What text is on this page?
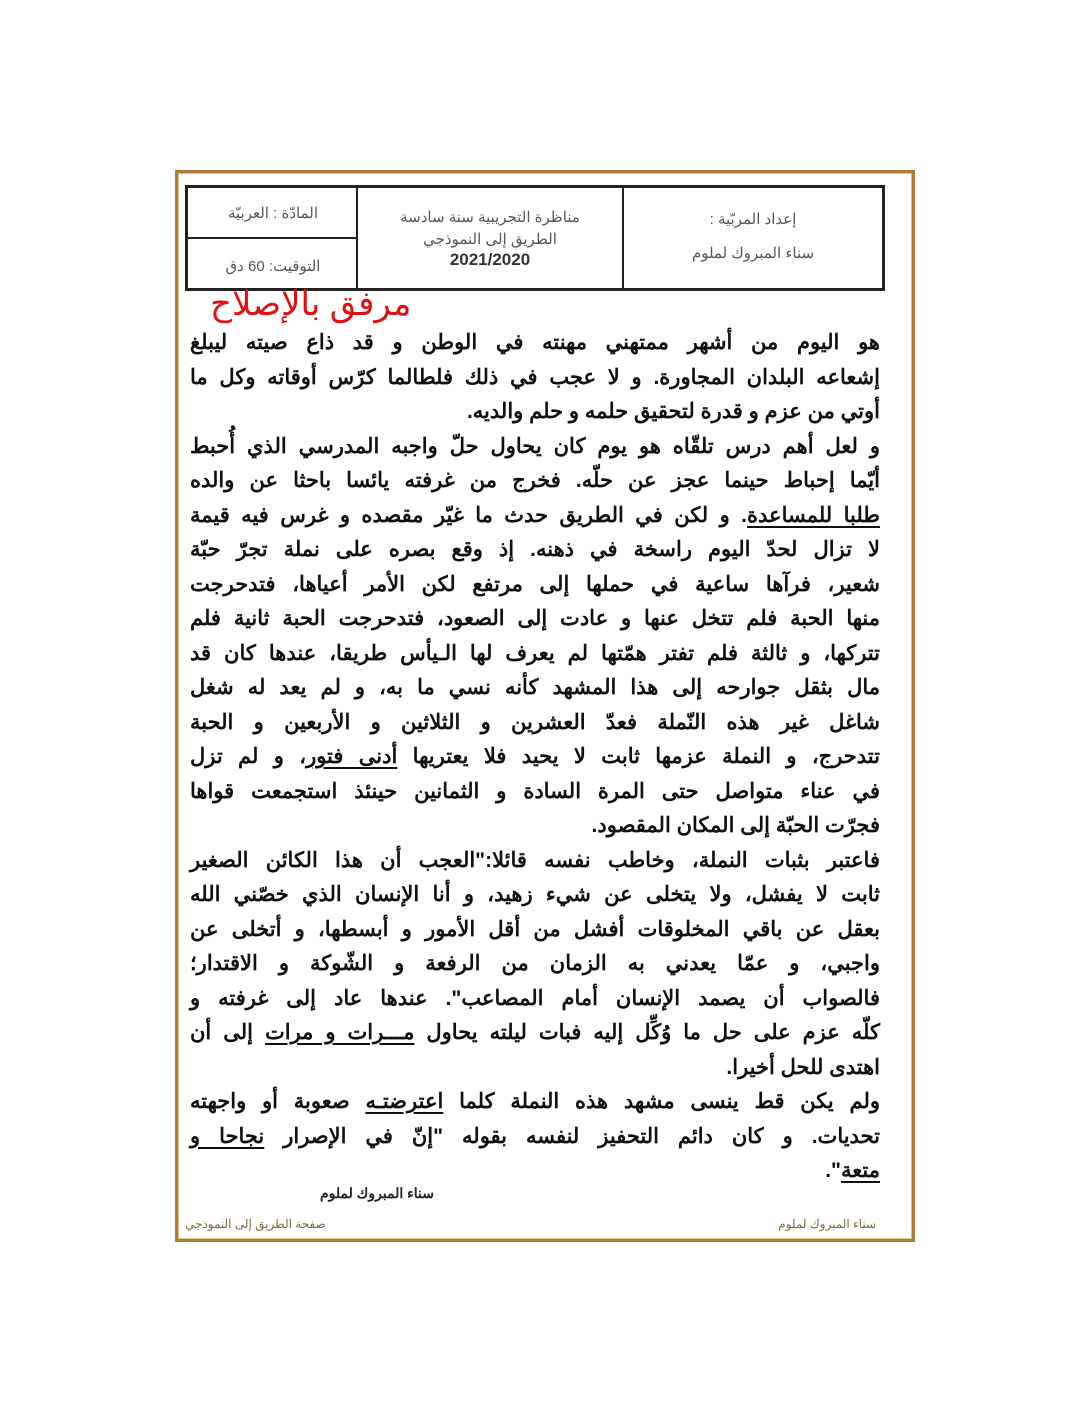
إعداد المربّية :
سناء المبروك لملوم
مناظرة التجريبية سنة سادسة
الطريق إلى النموذجي
2021/2020
المادّة : العربيّة
التوقيت: 60 دق
مرفق بالإصلاح
هو اليوم من أشهر ممتهني مهنته في الوطن و قد ذاع صيته ليبلغ
إشعاعه البلدان المجاورة. و لا عجب في ذلك فلطالما كرّس أوقاته وكل ما
أوتي من عزم و قدرة لتحقيق حلمه و حلم والديه.
و لعل أهم درس تلقّاه هو يوم كان يحاول حلّ واجبه المدرسي الذي أُحبط
أيّما إحباط حينما عجز عن حلّه. فخرج من غرفته يائسا باحثا عن والده
طلبا للمساعدة. و لكن في الطريق حدث ما غيّر مقصده و غرس فيه قيمة
لا تزال لحدّ اليوم راسخة في ذهنه. إذ وقع بصره على نملة تجرّ حبّة
شعير، فرآها ساعية في حملها إلى مرتفع لكن الأمر أعياها، فتدحرجت
منها الحبة فلم تتخل عنها و عادت إلى الصعود، فتدحرجت الحبة ثانية فلم
تتركها، و ثالثة فلم تفتر همّتها لم يعرف لها الـيأس طريقا، عندها كان قد
مال بثقل جوارحه إلى هذا المشهد كأنه نسي ما به، و لم يعد له شغل
شاغل غير هذه النّملة فعدّ العشرين و الثلاثين و الأربعين و الحبة
تتدحرج، و النملة عزمها ثابت لا يحيد فلا يعتريها أدنى فتور، و لم تزل
في عناء متواصل حتى المرة السادة و الثمانين حينئذ استجمعت قواها
فجرّت الحبّة إلى المكان المقصود.
فاعتبر بثبات النملة، وخاطب نفسه قائلا:"العجب أن هذا الكائن الصغير
ثابت لا يفشل، ولا يتخلى عن شيء زهيد، و أنا الإنسان الذي خصّني الله
بعقل عن باقي المخلوقات أفشل من أقل الأمور و أبسطها، و أتخلى عن
واجبي، و عمّا يعدني به الزمان من الرفعة و الشّوكة و الاقتدار؛
فالصواب أن يصمد الإنسان أمام المصاعب". عندها عاد إلى غرفته و
كلّه عزم على حل ما وُكِّل إليه فبات ليلته يحاول مـــرات و مرات إلى أن
اهتدى للحل أخيرا.
ولم يكن قط ينسى مشهد هذه النملة كلما اعترضتـه صعوبة أو واجهته
تحديات. و كان دائم التحفيز لنفسه بقوله "إنّ في الإصرار نجاحا و
متعة".
سناء المبروك لملوم
سناء المبروك لملوم
صفحة الطريق إلى النموذجي
